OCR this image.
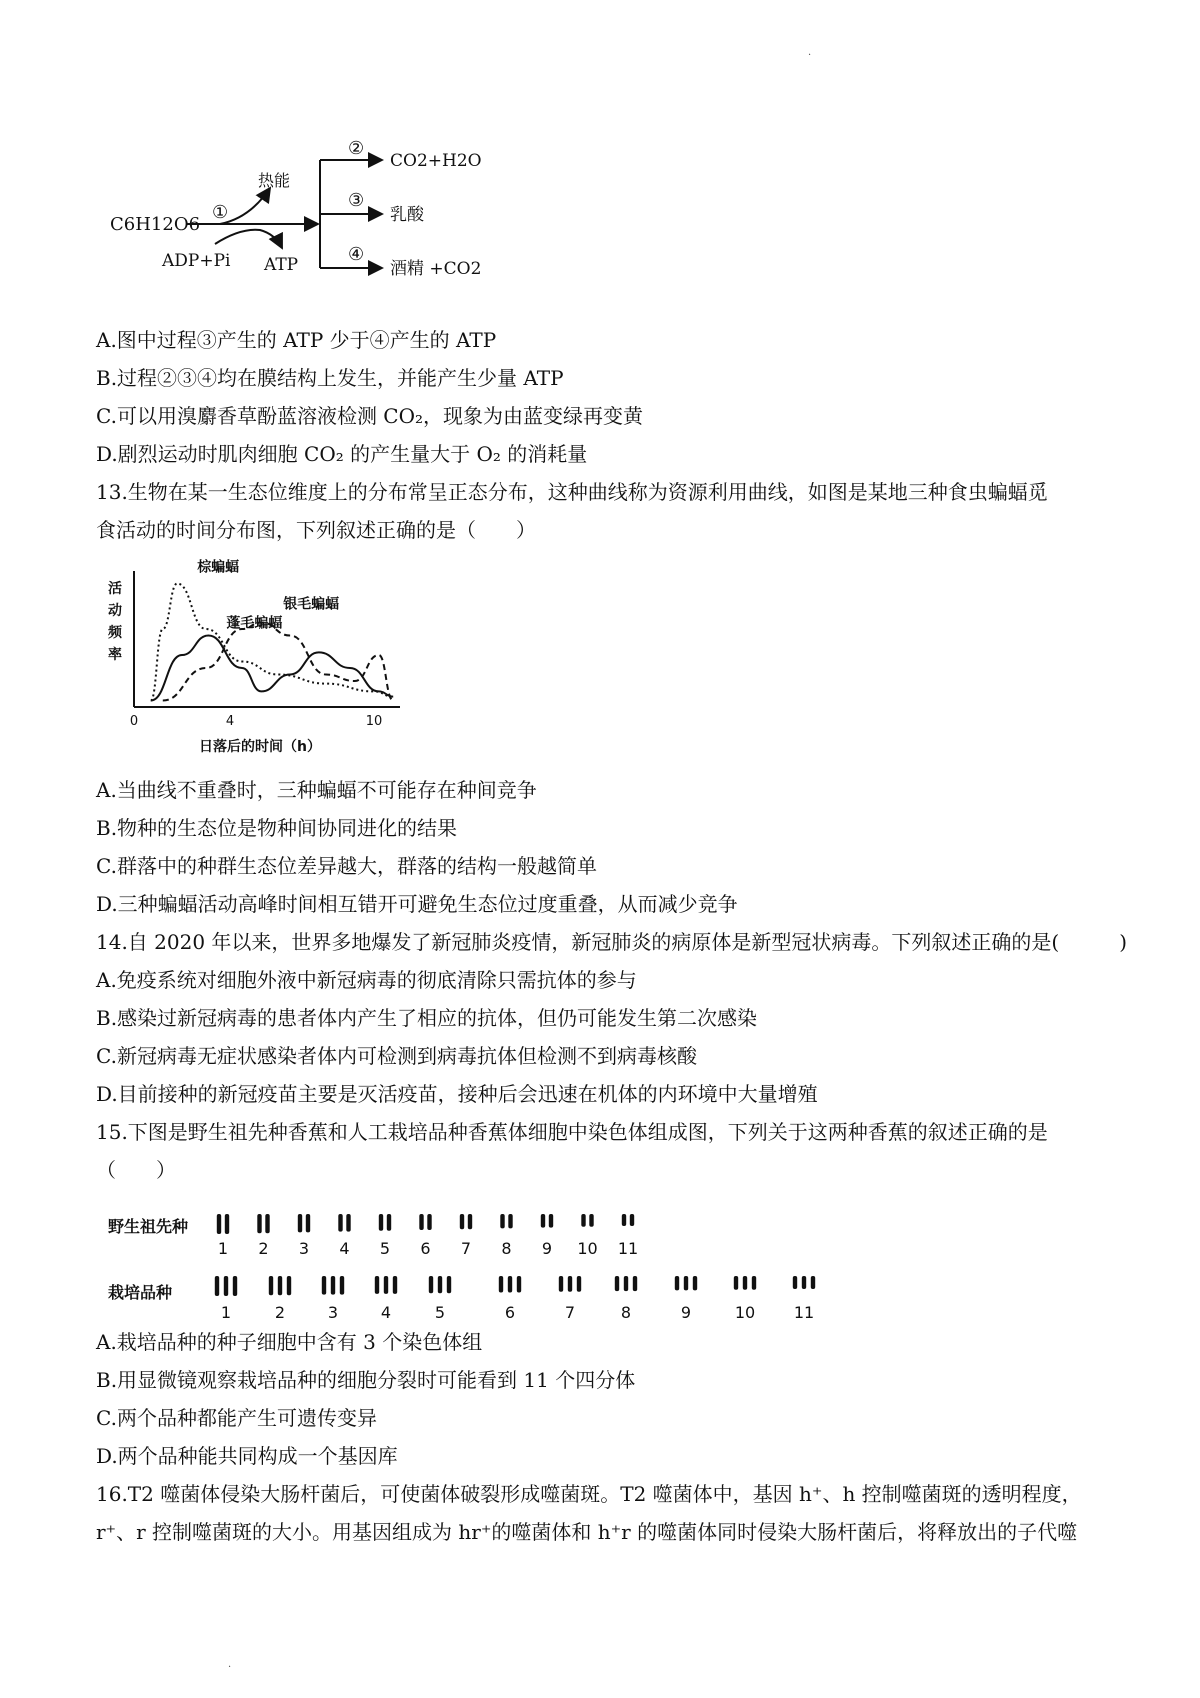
·
C6H12O6
①
热能
ADP+Pi ATP
②
③
④
CO2+H2O
乳酸
酒精 +CO2
A.图中过程③产生的 ATP 少于④产生的 ATP
B.过程②③④均在膜结构上发生，并能产生少量 ATP
C.可以用溴麝香草酚蓝溶液检测 CO₂，现象为由蓝变绿再变黄
D.剧烈运动时肌肉细胞 CO₂ 的产生量大于 O₂ 的消耗量
13.生物在某一生态位维度上的分布常呈正态分布，这种曲线称为资源利用曲线，如图是某地三种食虫蝙蝠觅
食活动的时间分布图，下列叙述正确的是（　　）
活
动
频
率
0	4	10
棕蝙蝠
蓬毛蝙蝠
银毛蝙蝠
日落后的时间（h）
A.当曲线不重叠时，三种蝙蝠不可能存在种间竞争
B.物种的生态位是物种间协同进化的结果
C.群落中的种群生态位差异越大，群落的结构一般越简单
D.三种蝙蝠活动高峰时间相互错开可避免生态位过度重叠，从而减少竞争
14.自 2020 年以来，世界多地爆发了新冠肺炎疫情，新冠肺炎的病原体是新型冠状病毒。下列叙述正确的是(　　　)
A.免疫系统对细胞外液中新冠病毒的彻底清除只需抗体的参与
B.感染过新冠病毒的患者体内产生了相应的抗体，但仍可能发生第二次感染
C.新冠病毒无症状感染者体内可检测到病毒抗体但检测不到病毒核酸
D.目前接种的新冠疫苗主要是灭活疫苗，接种后会迅速在机体的内环境中大量增殖
15.下图是野生祖先种香蕉和人工栽培品种香蕉体细胞中染色体组成图，下列关于这两种香蕉的叙述正确的是
（　　）
野生祖先种
栽培品种
1 2 3 4 5 6 7 8 9 10 11
1	2	3	4	5	6	7	8	9	10 11
A.栽培品种的种子细胞中含有 3 个染色体组
B.用显微镜观察栽培品种的细胞分裂时可能看到 11 个四分体
C.两个品种都能产生可遗传变异
D.两个品种能共同构成一个基因库
16.T2 噬菌体侵染大肠杆菌后，可使菌体破裂形成噬菌斑。T2 噬菌体中，基因 h⁺、h 控制噬菌斑的透明程度，
r⁺、r 控制噬菌斑的大小。用基因组成为 hr⁺的噬菌体和 h⁺r 的噬菌体同时侵染大肠杆菌后，将释放出的子代噬
·
